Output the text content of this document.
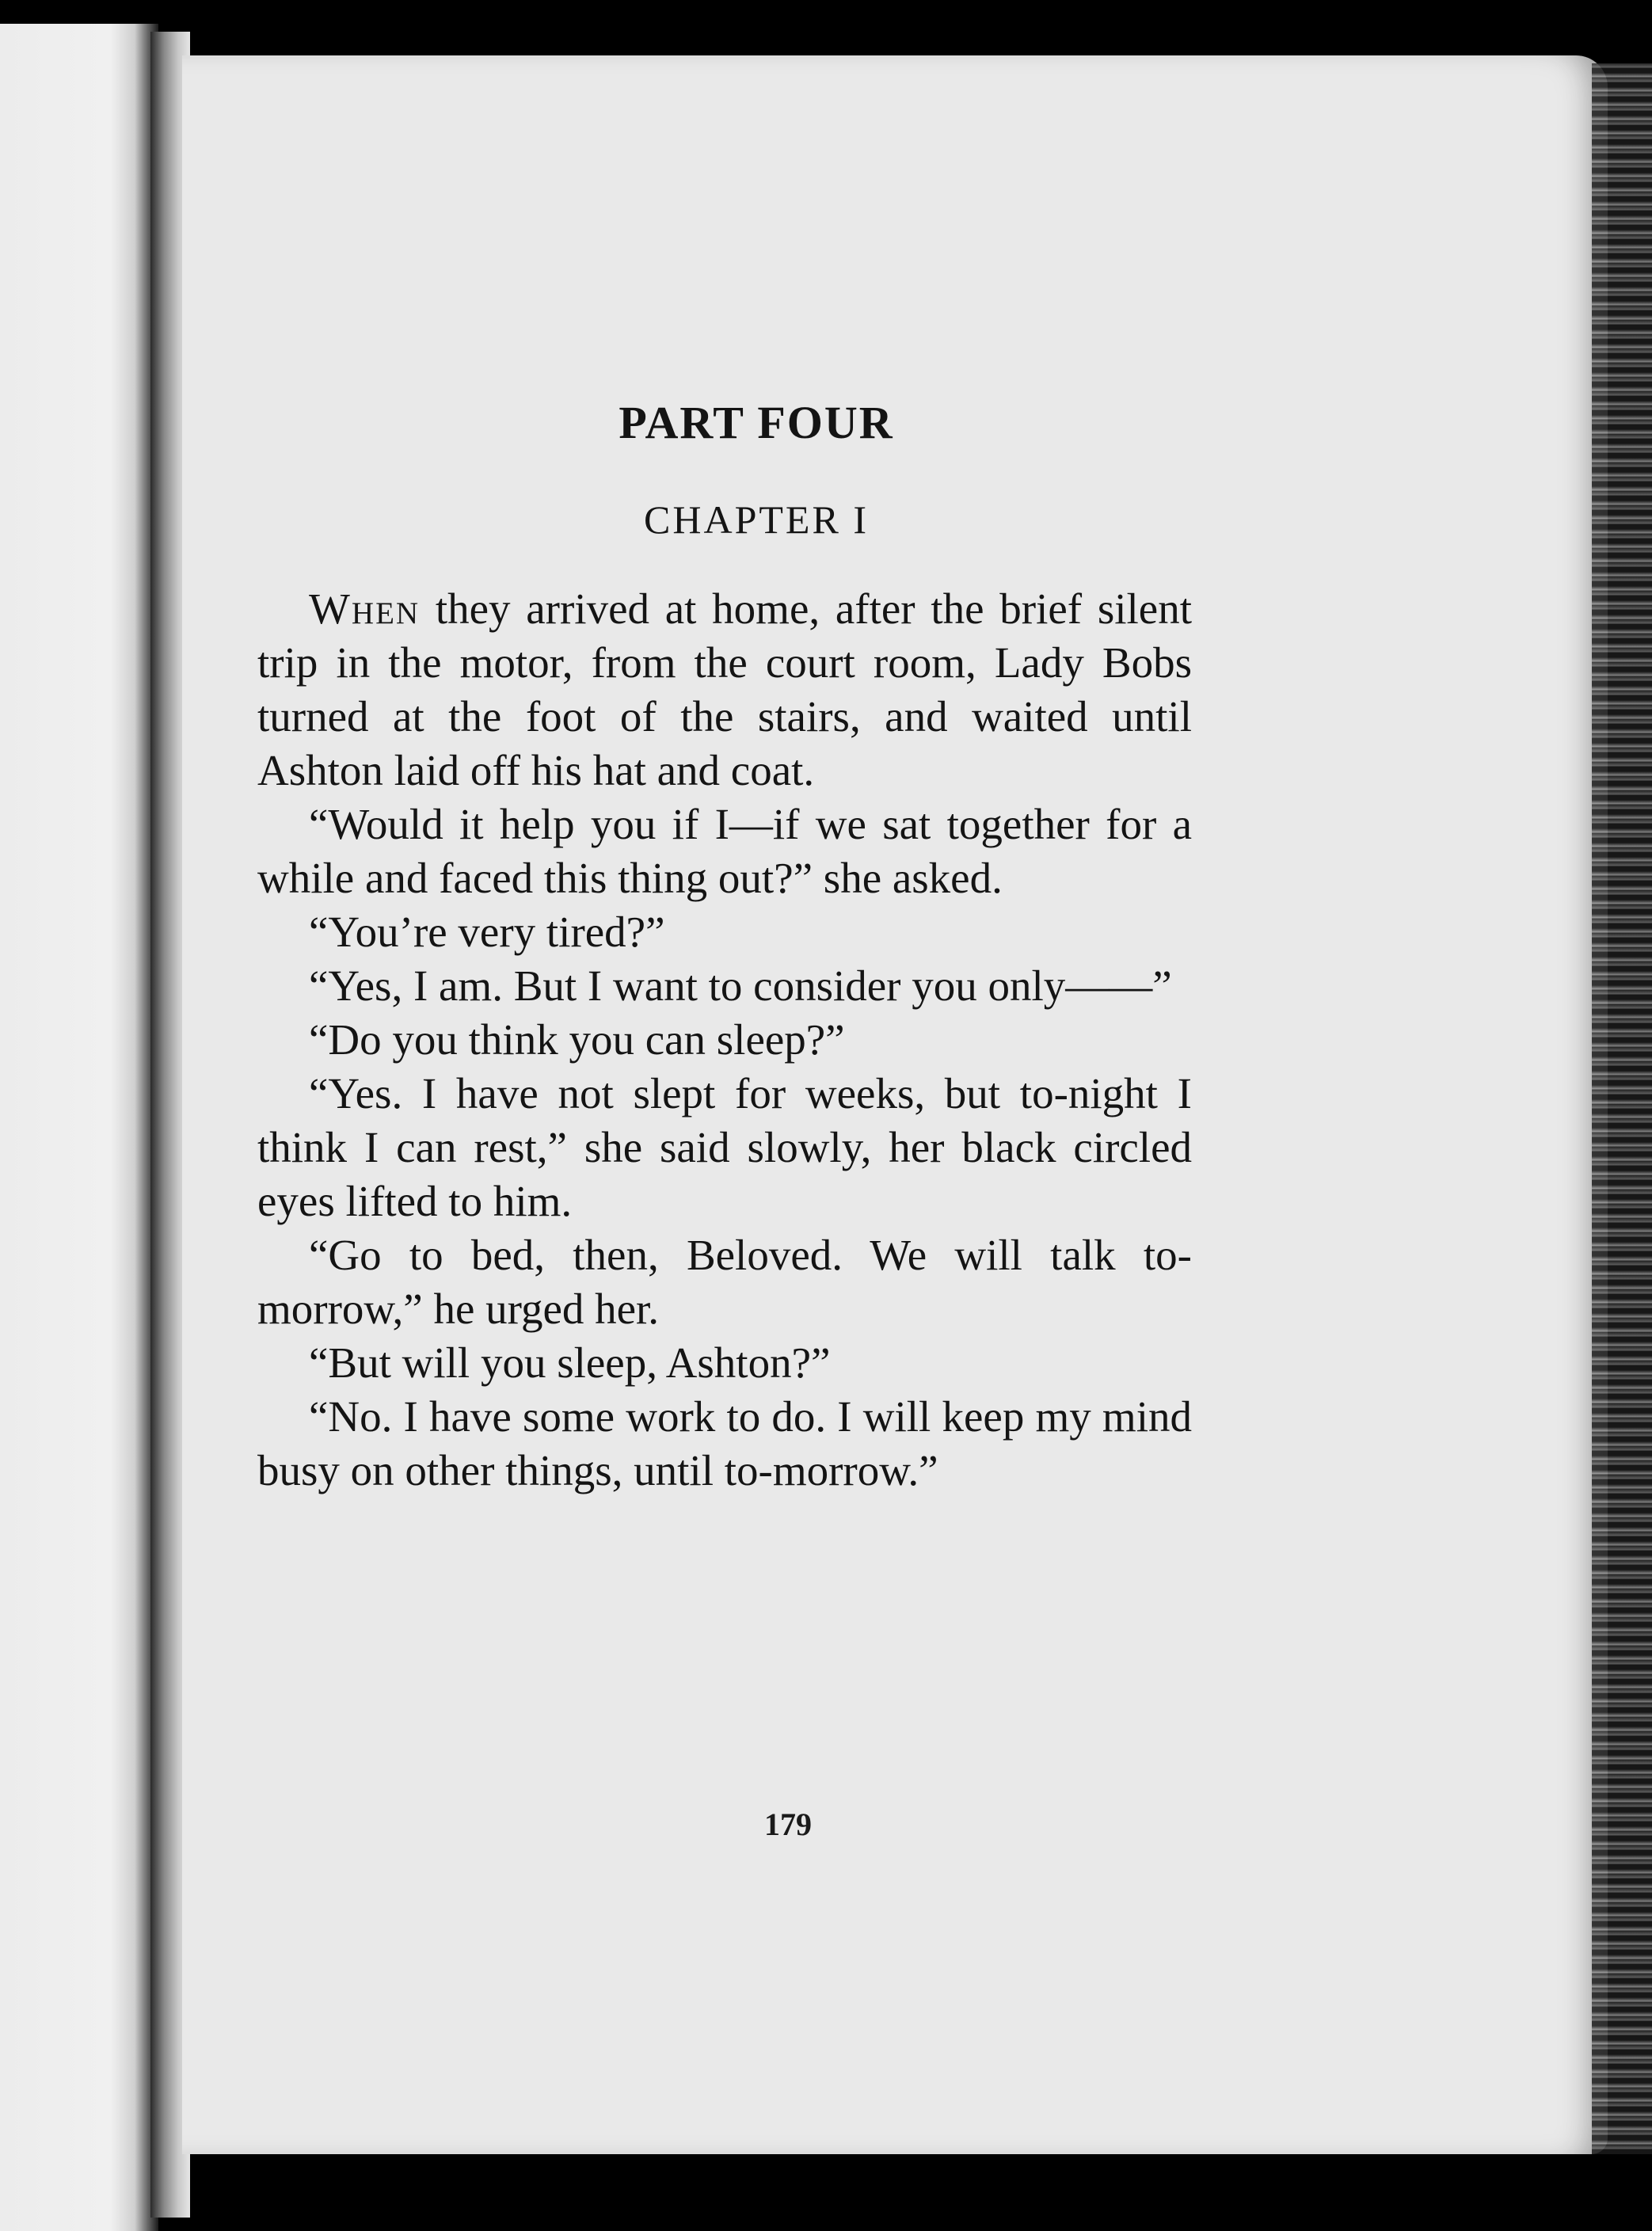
PART FOUR
CHAPTER I

When they arrived at home, after the brief silent trip in the motor, from the court room, Lady Bobs turned at the foot of the stairs, and waited until Ashton laid off his hat and coat.

“Would it help you if I—if we sat together for a while and faced this thing out?” she asked.

“You’re very tired?”

“Yes, I am. But I want to consider you only——”

“Do you think you can sleep?”

“Yes. I have not slept for weeks, but to-night I think I can rest,” she said slowly, her black circled eyes lifted to him.

“Go to bed, then, Beloved. We will talk to-morrow,” he urged her.

“But will you sleep, Ashton?”

“No. I have some work to do. I will keep my mind busy on other things, until to-morrow.”

179
